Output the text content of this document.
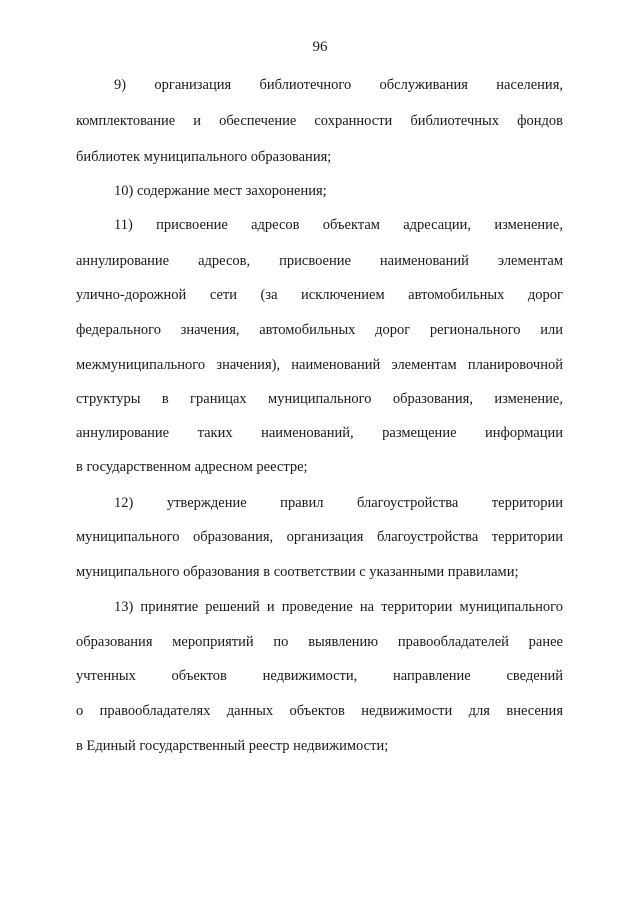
96
9) организация библиотечного обслуживания населения,
комплектование и обеспечение сохранности библиотечных фондов
библиотек муниципального образования;
10) содержание мест захоронения;
11) присвоение адресов объектам адресации, изменение,
аннулирование адресов, присвоение наименований элементам
улично-дорожной сети (за исключением автомобильных дорог
федерального значения, автомобильных дорог регионального или
межмуниципального значения), наименований элементам планировочной
структуры в границах муниципального образования, изменение,
аннулирование таких наименований, размещение информации
в государственном адресном реестре;
12) утверждение правил благоустройства территории
муниципального образования, организация благоустройства территории
муниципального образования в соответствии с указанными правилами;
13) принятие решений и проведение на территории муниципального
образования мероприятий по выявлению правообладателей ранее
учтенных объектов недвижимости, направление сведений
о правообладателях данных объектов недвижимости для внесения
в Единый государственный реестр недвижимости;
